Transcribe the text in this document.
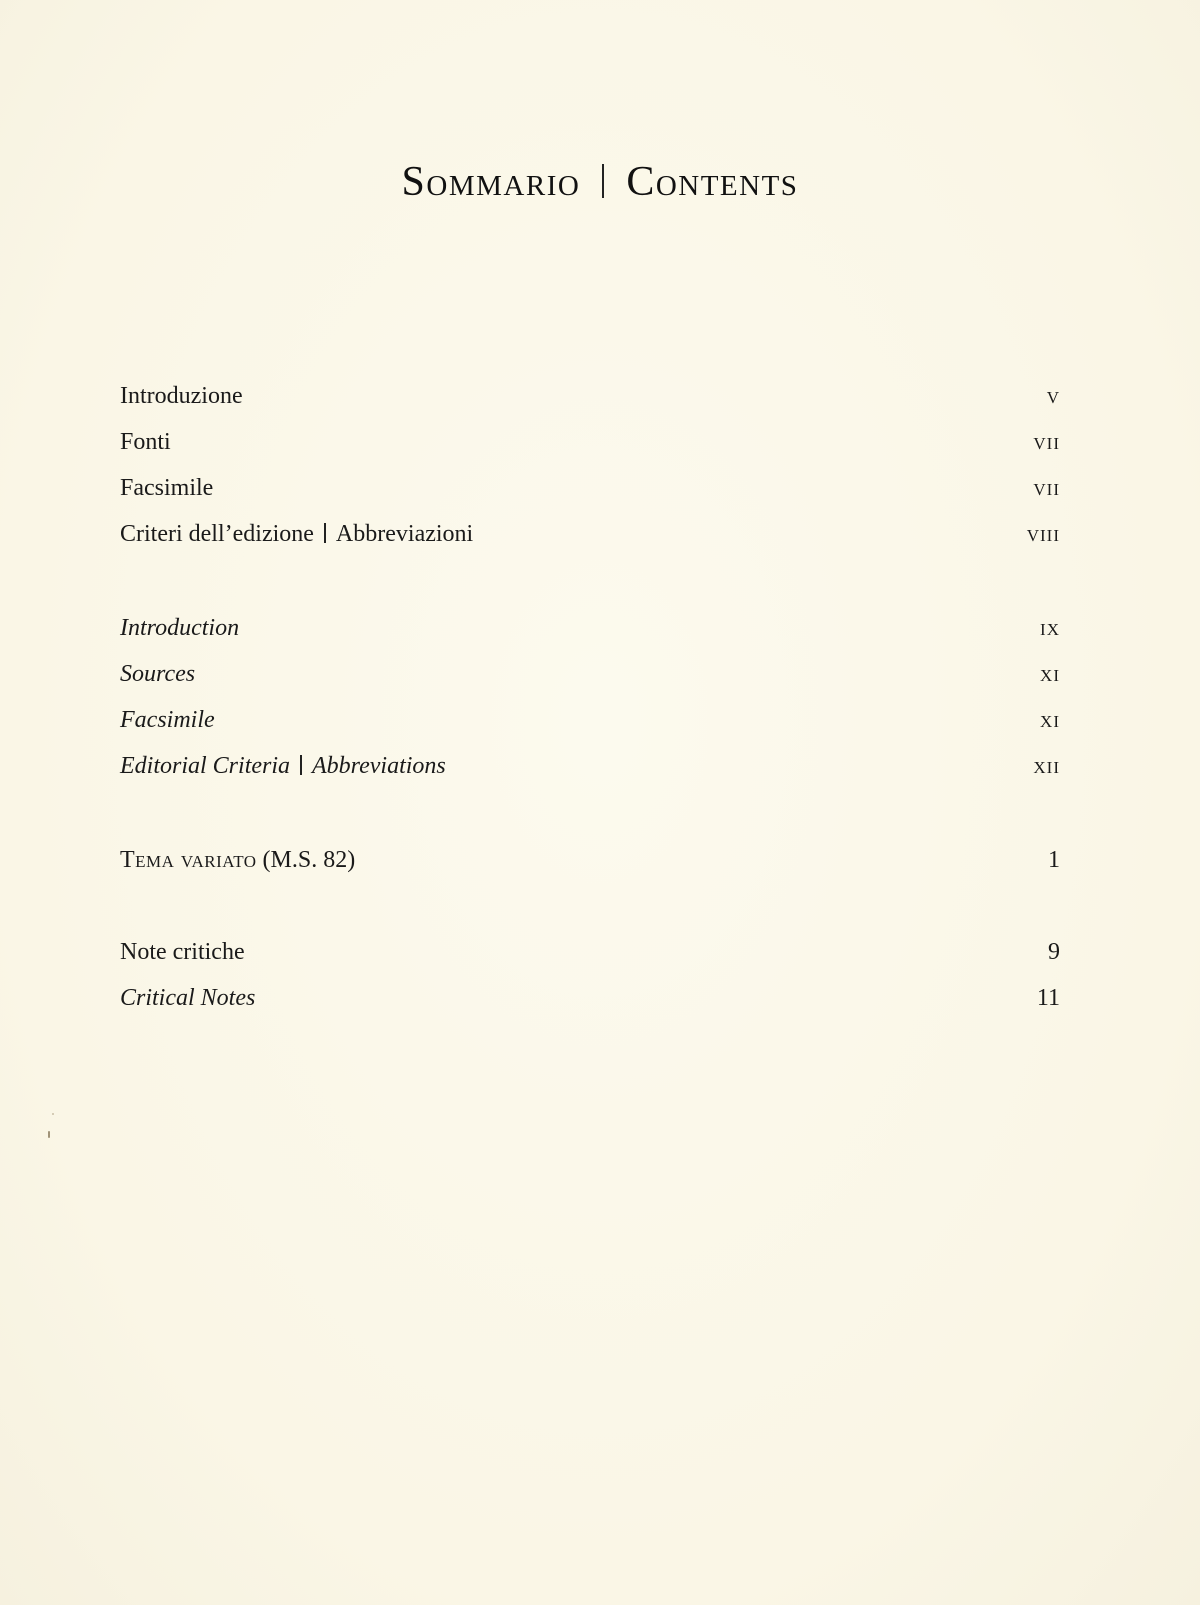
Sommario Contents
Introduzione	v
Fonti	vii
Facsimile	vii
Criteri dell’edizione Abbreviazioni	viii
Introduction	ix
Sources	xi
Facsimile	xi
Editorial Criteria Abbreviations	xii
Tema variato (M.S. 82)	1
Note critiche	9
Critical Notes	11
